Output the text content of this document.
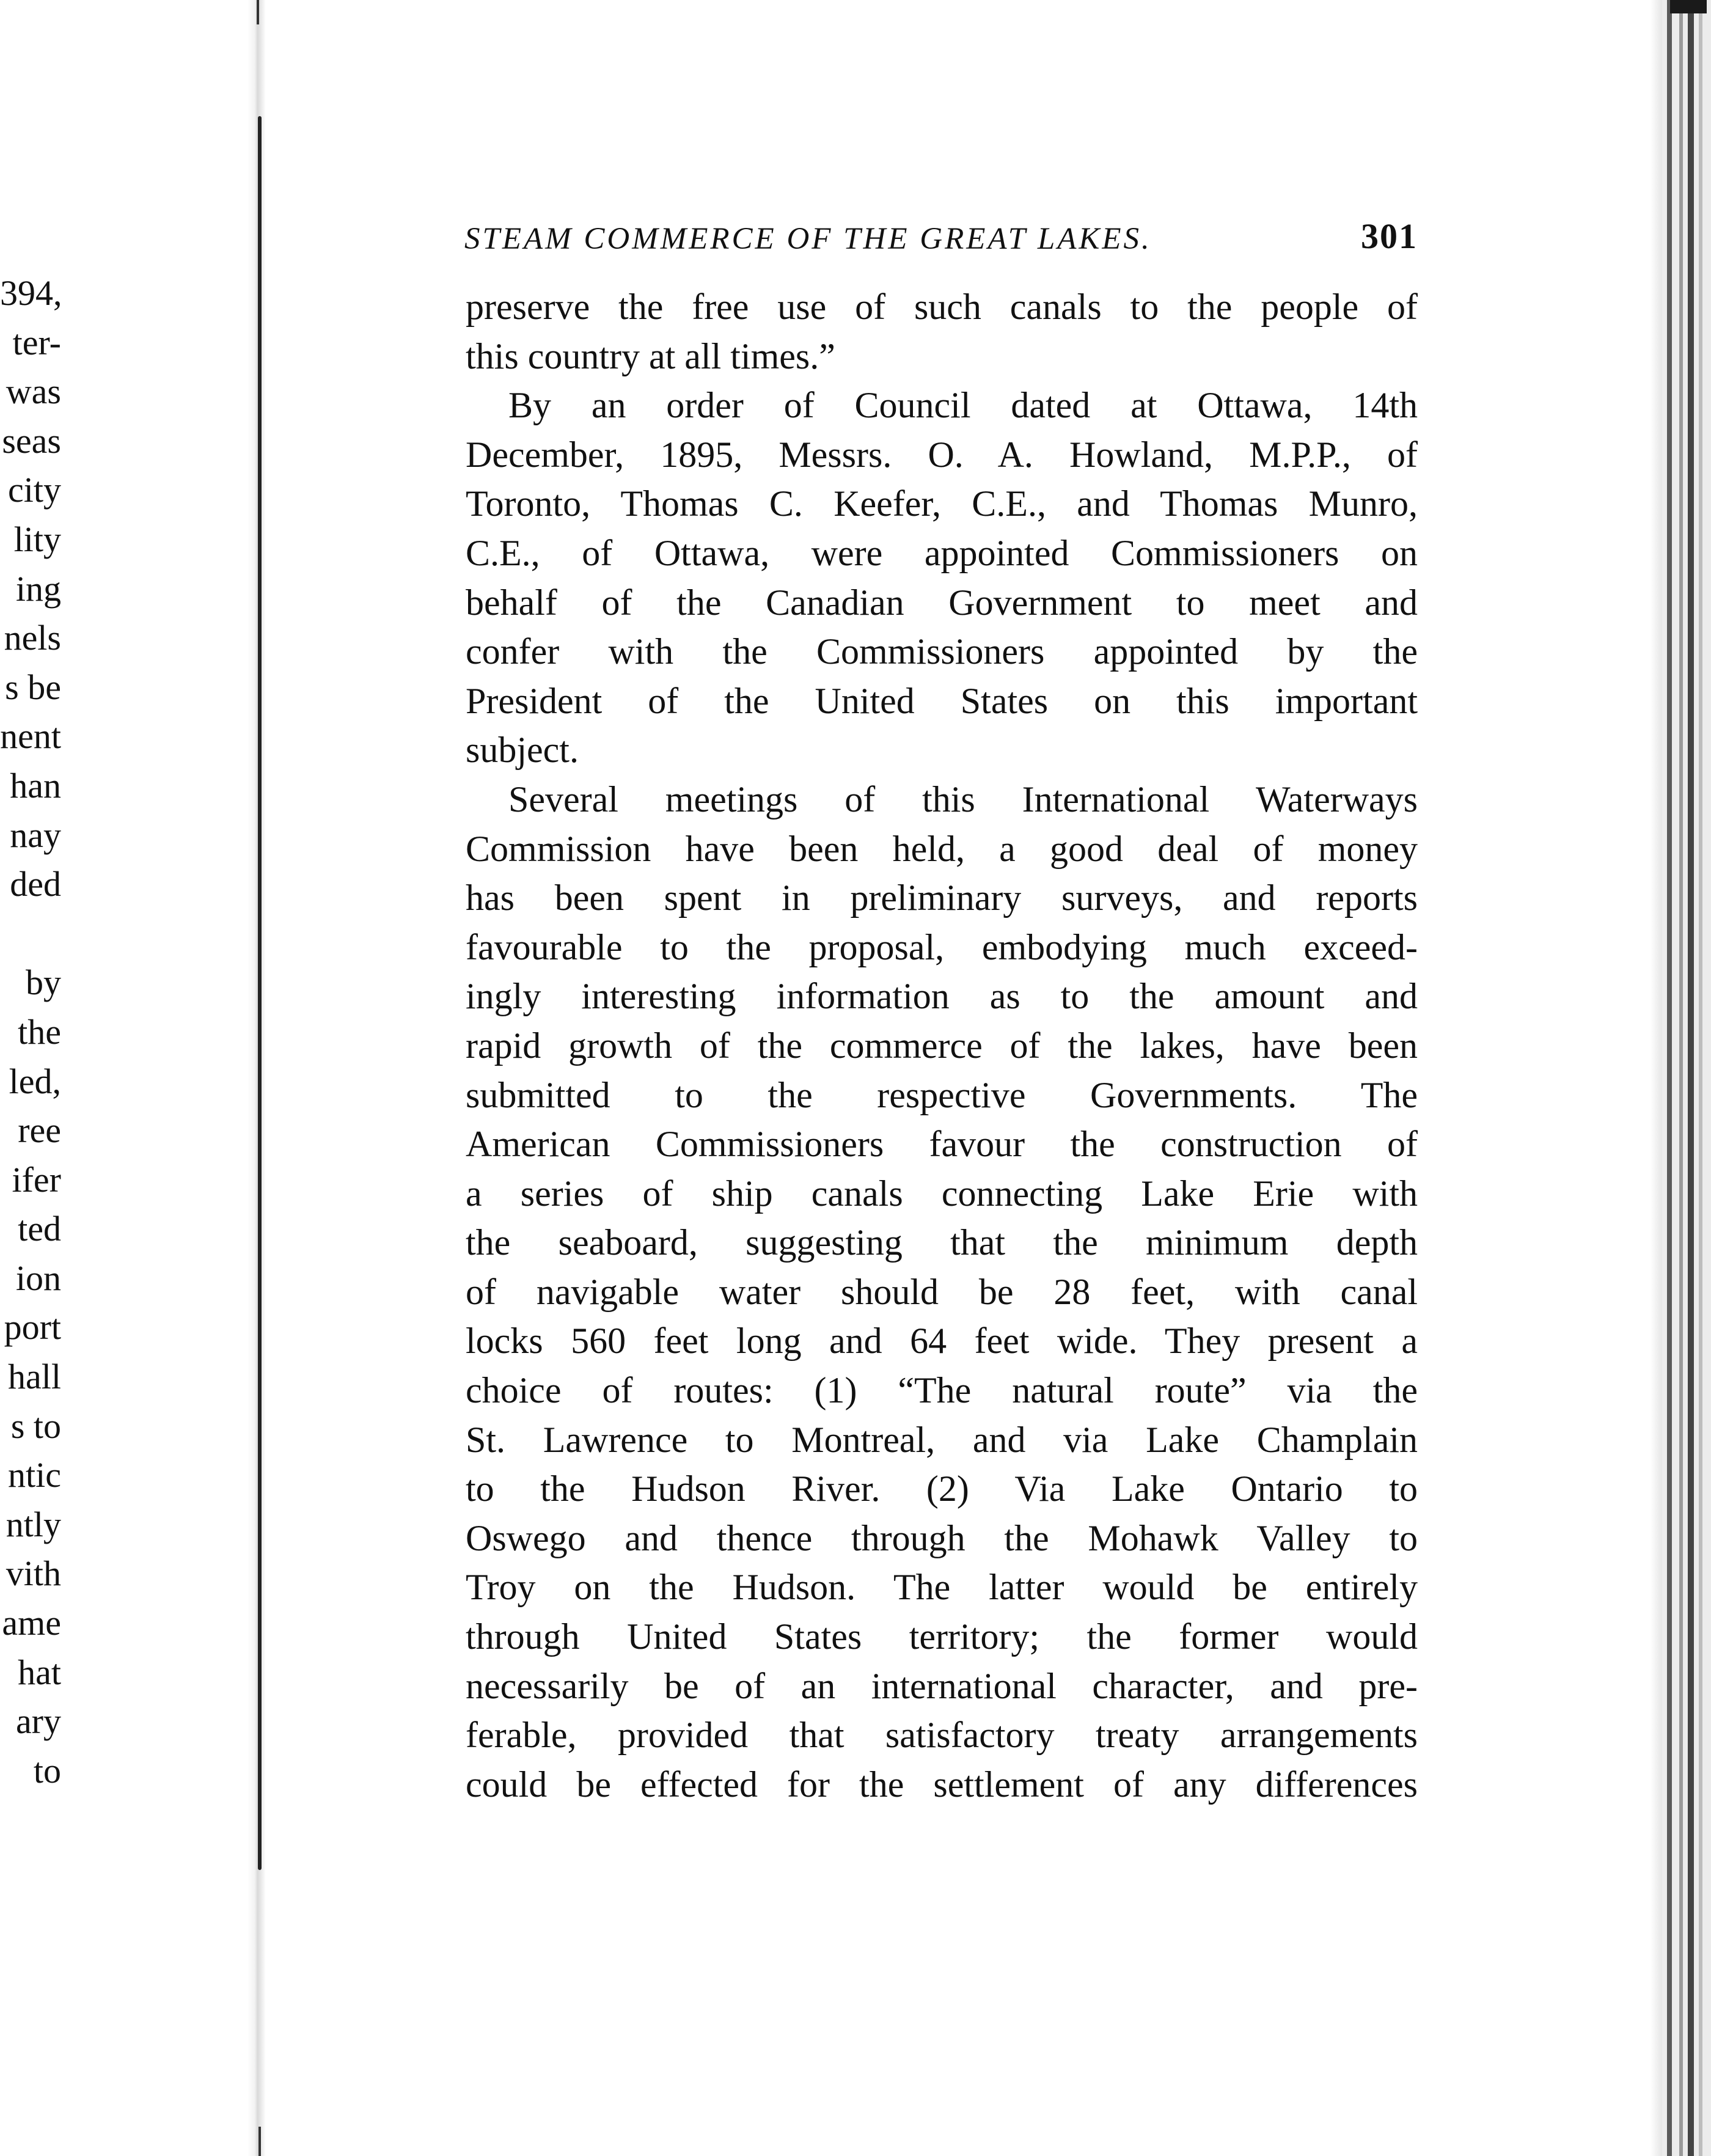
394,
ter-
was
seas
city
lity
ing
nels
s be
nent
han
nay
ded
by
the
led,
ree
ifer
ted
ion
port
hall
s to
ntic
ntly
vith
ame
hat
ary
to
STEAM COMMERCE OF THE GREAT LAKES.	301
preserve the free use of such canals to the people of
this country at all times.”
By an order of Council dated at Ottawa, 14th
December, 1895, Messrs. O. A. Howland, M.P.P., of
Toronto, Thomas C. Keefer, C.E., and Thomas Munro,
C.E., of Ottawa, were appointed Commissioners on
behalf of the Canadian Government to meet and
confer with the Commissioners appointed by the
President of the United States on this important
subject.
Several meetings of this International Waterways
Commission have been held, a good deal of money
has been spent in preliminary surveys, and reports
favourable to the proposal, embodying much exceed-
ingly interesting information as to the amount and
rapid growth of the commerce of the lakes, have been
submitted to the respective Governments. The
American Commissioners favour the construction of
a series of ship canals connecting Lake Erie with
the seaboard, suggesting that the minimum depth
of navigable water should be 28 feet, with canal
locks 560 feet long and 64 feet wide. They present a
choice of routes: (1) “The natural route” via the
St. Lawrence to Montreal, and via Lake Champlain
to the Hudson River. (2) Via Lake Ontario to
Oswego and thence through the Mohawk Valley to
Troy on the Hudson. The latter would be entirely
through United States territory; the former would
necessarily be of an international character, and pre-
ferable, provided that satisfactory treaty arrangements
could be effected for the settlement of any differences
